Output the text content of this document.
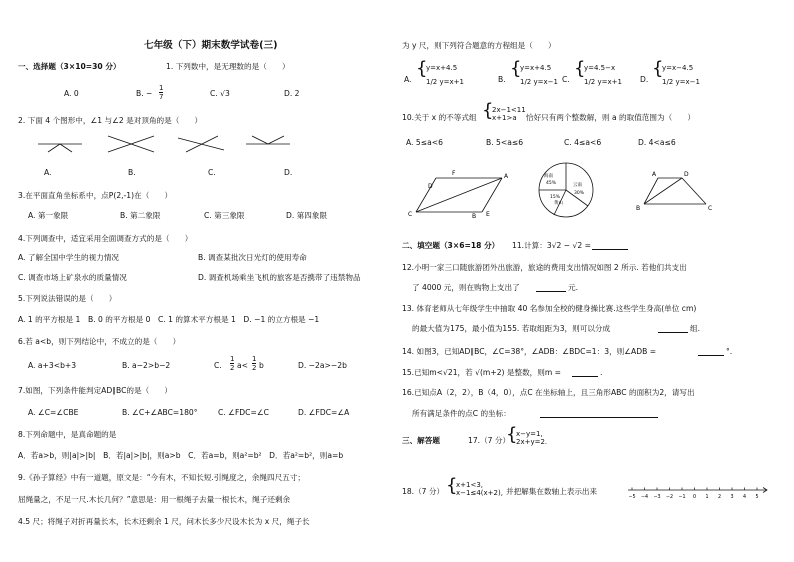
七年级（下）期末数学试卷(三)
一、选择题（3×10=30 分）	1. 下列数中，是无理数的是（　　）
A. 0	B. − $\frac{1}{7}$	C. √3	D. 2
2. 下面 4 个图形中，∠1 与∠2 是对顶角的是（　　）
A.	B.	C.	D.
3.在平面直角坐标系中，点P(2,-1)在（　　）
A. 第一象限	B. 第二象限	C. 第三象限	D. 第四象限
4.下列调查中，适宜采用全面调查方式的是（　　）
A. 了解全国中学生的视力情况	B. 调查某批次日光灯的使用寿命
C. 调查市场上矿泉水的质量情况	D. 调查机场乘坐飞机的旅客是否携带了违禁物品
5.下列说法错误的是（　　）
A. 1 的平方根是 1　B. 0 的平方根是 0　C. 1 的算术平方根是 1　D. −1 的立方根是 −1
6.若 a<b，则下列结论中，不成立的是（　　）
A. a+3<b+3	B. a−2>b−2	C. $\frac{1}{2} a< \frac{1}{2}$ b	D. −2a>−2b
7.如图，下列条件能判定AD∥BC的是（　　）
A. ∠C=∠CBE	B. ∠C+∠ABC=180°	C. ∠FDC=∠C	D. ∠FDC=∠A
8.下列命题中，是真命题的是
A．若a>b，则|a|>|b|　B．若|a|>|b|，则a>b　C．若a=b，则a²=b²　D．若a²=b²，则a=b
9.《孙子算经》中有一道题，原文是：“今有木，不知长短.引绳度之，余绳四尺五寸；
屈绳量之，不足一尺.木长几何？”意思是：用一根绳子去量一根长木，绳子还剩余
4.5 尺；将绳子对折再量长木，长木还剩余 1 尺，问木长多少尺设木长为 x 尺，绳子长
为 y 尺，则下列符合题意的方程组是（　　）
A.
{
y=x+4.5
1/2 y=x+1	B.
{
y=x+4.5
1/2 y=x−1 C.
{
y=4.5−x
1/2 y=x+1 D.
{
y=x−4.5
1/2 y=x−1
10.关于 x 的不等式组 {
2x−1<11
x+1>a	恰好只有两个整数解，则 a 的取值范围为（　　）
A. 5≤a<6	B. 5<a≤6	C. 4≤a<6	D. 4<a≤6
D
F	A
C	B E
海南
45%	云南
黄山
15%
30%
A	D
B	C
二、填空题（3×6=18 分） 11.计算：3√2 − √2 =
12.小明一家三口随旅游团外出旅游，旅途的费用支出情况如图 2 所示. 若他们共支出
了 4000 元，则在购物上支出了	元.
13. 体育老师从七年级学生中抽取 40 名参加全校的健身操比赛.这些学生身高(单位 cm)
的最大值为175，最小值为155. 若取组距为3，则可以分成	组.
14. 如图3，已知AD∥BC，∠C=38°，∠ADB：∠BDC=1：3，则∠ADB =	°.
15.已知m<√21，若 √(m+2) 是整数，则m =	.
16.已知点A（2，2），B（4，0），点C 在坐标轴上，且三角形ABC 的面积为2，请写出
所有满足条件的点C 的坐标：
三、解答题	17.（7 分）
{
x−y=1,
2x+y=2.
18.（7 分） {
x+1<3,
x−1≤4(x+2), 并把解集在数轴上表示出来
−5 −4 −3 −2 −1 0 1 2 3 4 5
